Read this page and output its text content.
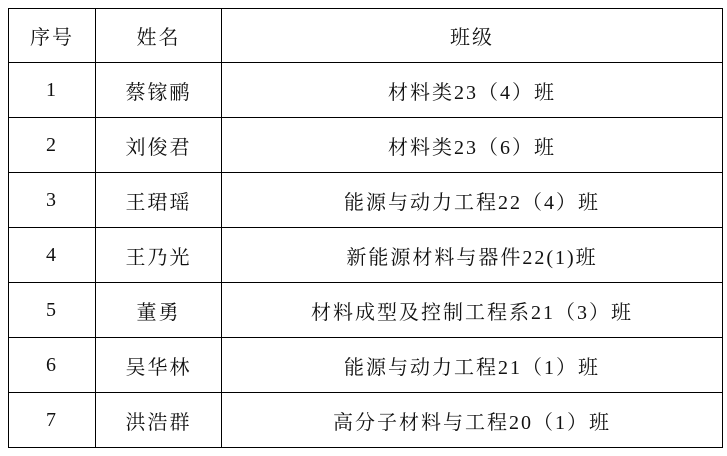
序号	姓名	班级
1	蔡镓鹂	材料类23（4）班
2	刘俊君	材料类23（6）班
3	王珺瑶	能源与动力工程22（4）班
4	王乃光	新能源材料与器件22(1)班
5	董勇	材料成型及控制工程系21（3）班
6	吴华林	能源与动力工程21（1）班
7	洪浩群	高分子材料与工程20（1）班
